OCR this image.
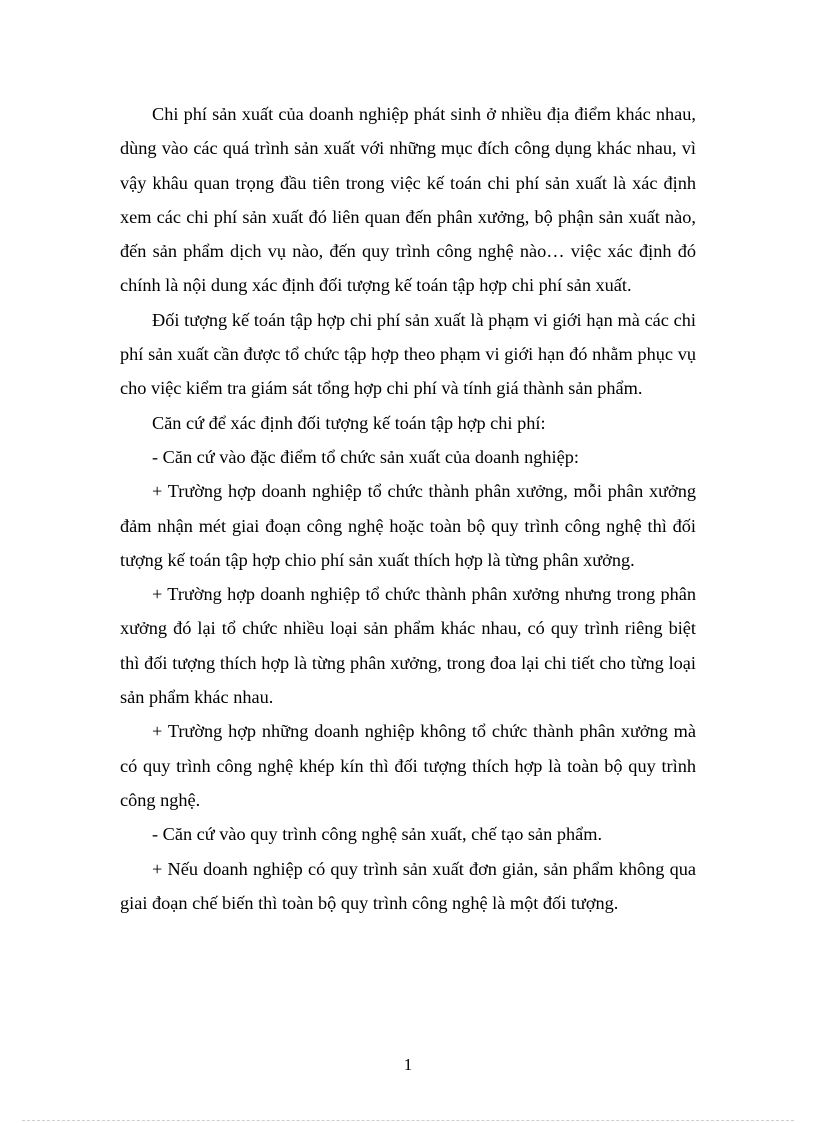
Chi phí sản xuất của doanh nghiệp phát sinh ở nhiều địa điểm khác nhau, dùng vào các quá trình sản xuất với những mục đích công dụng khác nhau, vì vậy khâu quan trọng đầu tiên trong việc kế toán chi phí sản xuất là xác định xem các chi phí sản xuất đó liên quan đến phân xưởng, bộ phận sản xuất nào, đến sản phẩm dịch vụ nào, đến quy trình công nghệ nào… việc xác định đó chính là nội dung xác định đối tượng kế toán tập hợp chi phí sản xuất.

Đối tượng kế toán tập hợp chi phí sản xuất là phạm vi giới hạn mà các chi phí sản xuất cần được tổ chức tập hợp theo phạm vi giới hạn đó nhằm phục vụ cho việc kiểm tra giám sát tổng hợp chi phí và tính giá thành sản phẩm.

Căn cứ để xác định đối tượng kế toán tập hợp chi phí:

- Căn cứ vào đặc điểm tổ chức sản xuất của doanh nghiệp:

+ Trường hợp doanh nghiệp tổ chức thành phân xưởng, mỗi phân xưởng đảm nhận mét giai đoạn công nghệ hoặc toàn bộ quy trình công nghệ thì đối tượng kế toán tập hợp chio phí sản xuất thích hợp là từng phân xưởng.

+ Trường hợp doanh nghiệp tổ chức thành phân xưởng nhưng trong phân xưởng đó lại tổ chức nhiều loại sản phẩm khác nhau, có quy trình riêng biệt thì đối tượng thích hợp là từng phân xưởng, trong đoa lại chi tiết cho từng loại sản phẩm khác nhau.

+ Trường hợp những doanh nghiệp không tổ chức thành phân xưởng mà có quy trình công nghệ khép kín thì đối tượng thích hợp là toàn bộ quy trình công nghệ.

- Căn cứ vào quy trình công nghệ sản xuất, chế tạo sản phẩm.

+ Nếu doanh nghiệp có quy trình sản xuất đơn giản, sản phẩm không qua giai đoạn chế biến thì toàn bộ quy trình công nghệ là một đối tượng.

1
